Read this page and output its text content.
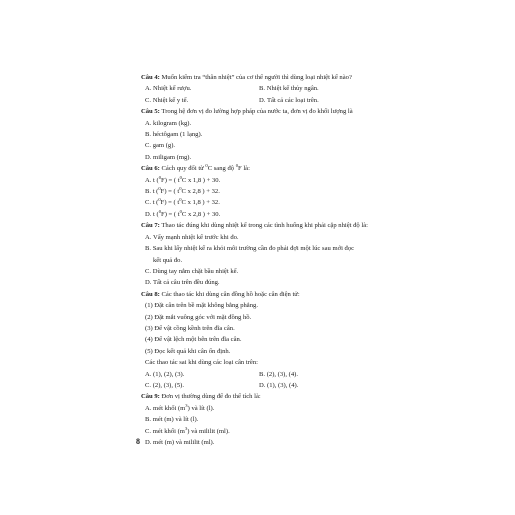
Câu 4: Muốn kiểm tra “thân nhiệt” của cơ thể người thì dùng loại nhiệt kế nào?
A. Nhiệt kế rượu.	B. Nhiệt kế thủy ngân.
C. Nhiệt kế y tế.	D. Tất cả các loại trên.
Câu 5: Trong hệ đơn vị đo lường hợp pháp của nước ta, đơn vị đo khối lượng là
A. kilogram (kg).
B. héctôgam (1 lạng).
C. gam (g).
D. miligam (mg).
Câu 6: Cách quy đổi từ $^0$C sang độ $^0$F là:
A. t ($^0$F) = ( $t^0C$ x 1,8 ) + 30.
B. t ($^0$F) = ( $t^0C$ x 2,8 ) + 32.
C. t ($^0$F) = ( $t^0C$ x 1,8 ) + 32.
D. t ($^0$F) = ( $t^0C$ x 2,8 ) + 30.
Câu 7: Thao tác đúng khi dùng nhiệt kế trong các tình huống khi phải cặp nhiệt độ là:
A. Vẩy mạnh nhiệt kế trước khi đo.
B. Sau khi lấy nhiệt kế ra khỏi môi trường cần đo phải đợi một lúc sau mới đọc
kết quả đo.
C. Dùng tay nắm chặt bầu nhiệt kế.
D. Tất cả câu trên đều đúng.
Câu 8: Các thao tác khi dùng cân đồng hồ hoặc cân điện tử:
(1) Đặt cân trên bề mặt không bằng phẳng.
(2) Đặt mắt vuông góc với mặt đồng hồ.
(3) Để vật cồng kềnh trên đĩa cân.
(4) Để vật lệch một bên trên đĩa cân.
(5) Đọc kết quả khi cân ổn định.
Các thao tác sai khi dùng các loại cân trên:
A. (1), (2), (3).	B. (2), (3), (4).
C. (2), (3), (5).	D. (1), (3), (4).
Câu 9: Đơn vị thường dùng để đo thể tích là:
A. mét khối $(m^3)$ và lít (l).
B. mét (m) và lít (l).
C. mét khối $(m^3)$ và mililit (ml).
D. mét (m) và mililit (ml).
8
